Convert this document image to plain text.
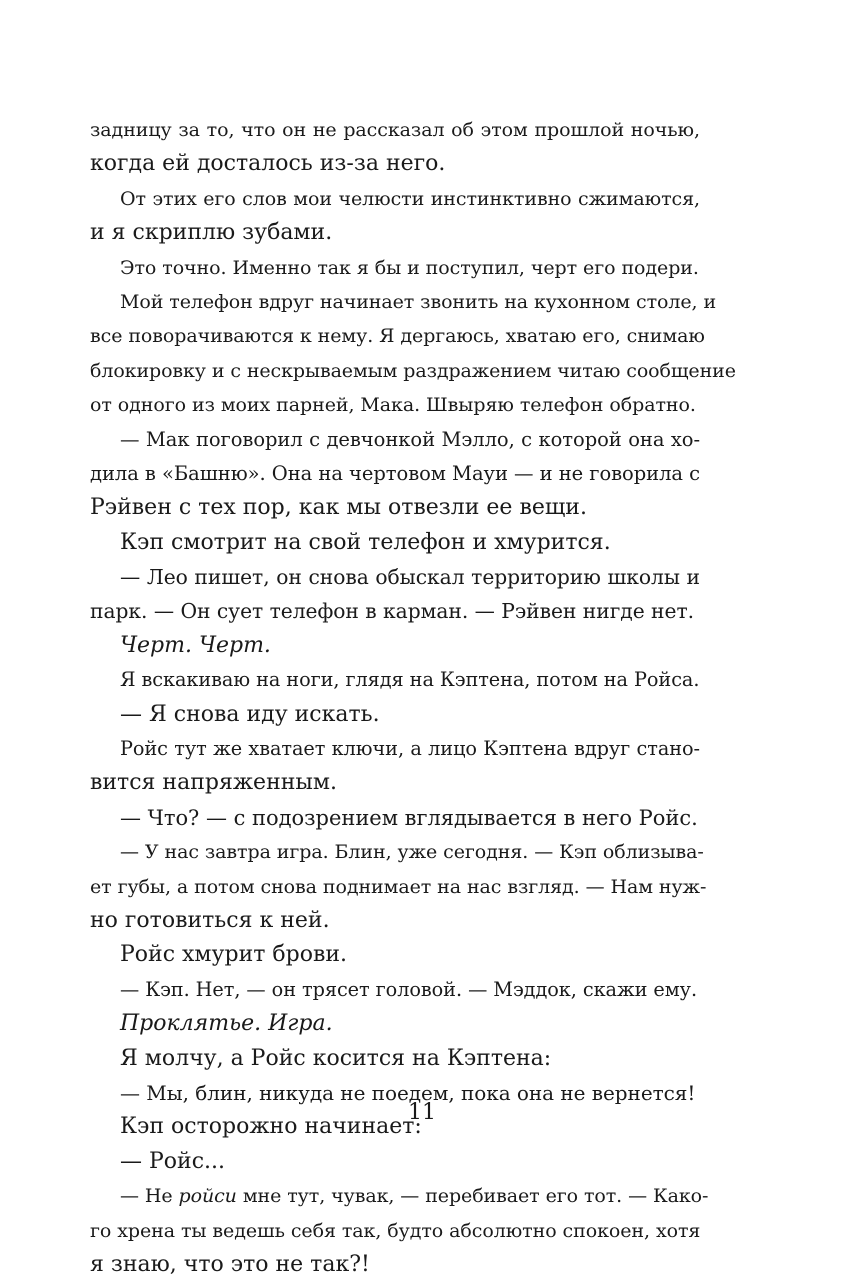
задницу за то, что он не рассказал об этом прошлой ночью,
когда ей досталось из-за него.
От этих его слов мои челюсти инстинктивно сжимаются,
и я скриплю зубами.
Это точно. Именно так я бы и поступил, черт его подери.
Мой телефон вдруг начинает звонить на кухонном столе, и
все поворачиваются к нему. Я дергаюсь, хватаю его, снимаю
блокировку и с нескрываемым раздражением читаю сообщение
от одного из моих парней, Мака. Швыряю телефон обратно.
— Мак поговорил с девчонкой Мэлло, с которой она хо-
дила в «Башню». Она на чертовом Мауи — и не говорила с
Рэйвен с тех пор, как мы отвезли ее вещи.
Кэп смотрит на свой телефон и хмурится.
— Лео пишет, он снова обыскал территорию школы и
парк. — Он сует телефон в карман. — Рэйвен нигде нет.
Черт. Черт.
Я вскакиваю на ноги, глядя на Кэптена, потом на Ройса.
— Я снова иду искать.
Ройс тут же хватает ключи, а лицо Кэптена вдруг стано-
вится напряженным.
— Что? — с подозрением вглядывается в него Ройс.
— У нас завтра игра. Блин, уже сегодня. — Кэп облизыва-
ет губы, а потом снова поднимает на нас взгляд. — Нам нуж-
но готовиться к ней.
Ройс хмурит брови.
— Кэп. Нет, — он трясет головой. — Мэддок, скажи ему.
Проклятье. Игра.
Я молчу, а Ройс косится на Кэптена:
— Мы, блин, никуда не поедем, пока она не вернется!
Кэп осторожно начинает:
— Ройс...
— Не ройси мне тут, чувак, — перебивает его тот. — Како-
го хрена ты ведешь себя так, будто абсолютно спокоен, хотя
я знаю, что это не так?!
11
